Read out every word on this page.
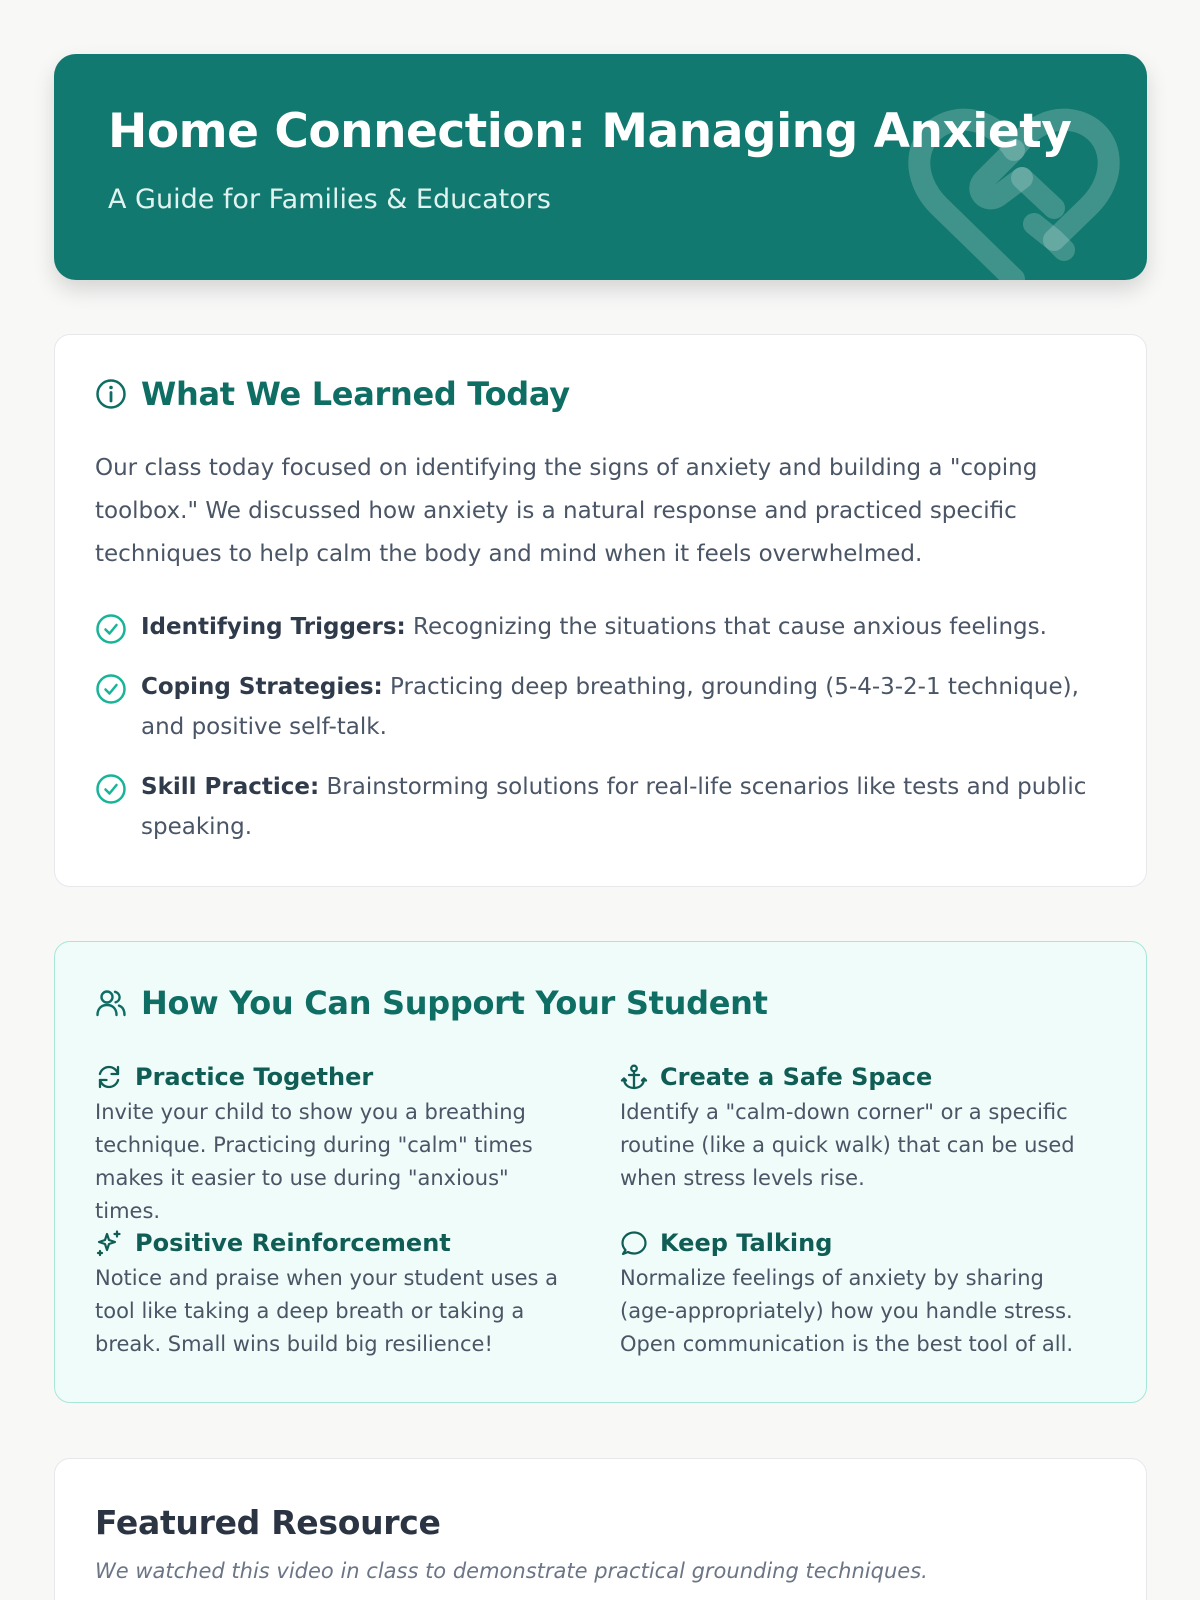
Home Connection: Managing Anxiety
A Guide for Families & Educators
What We Learned Today

Our class today focused on identifying the signs of anxiety and building a "coping toolbox." We discussed how anxiety is a natural response and practiced specific techniques to help calm the body and mind when it feels overwhelmed.

Identifying Triggers: Recognizing the situations that cause anxious feelings.
Coping Strategies: Practicing deep breathing, grounding (5-4-3-2-1 technique), and positive self-talk.
Skill Practice: Brainstorming solutions for real-life scenarios like tests and public speaking.
How You Can Support Your Student
Practice Together
Invite your child to show you a breathing technique. Practicing during "calm" times makes it easier to use during "anxious" times.
Create a Safe Space
Identify a "calm-down corner" or a specific routine (like a quick walk) that can be used when stress levels rise.
Positive Reinforcement
Notice and praise when your student uses a tool like taking a deep breath or taking a break. Small wins build big resilience!
Keep Talking
Normalize feelings of anxiety by sharing (age-appropriately) how you handle stress. Open communication is the best tool of all.
Featured Resource
We watched this video in class to demonstrate practical grounding techniques.
